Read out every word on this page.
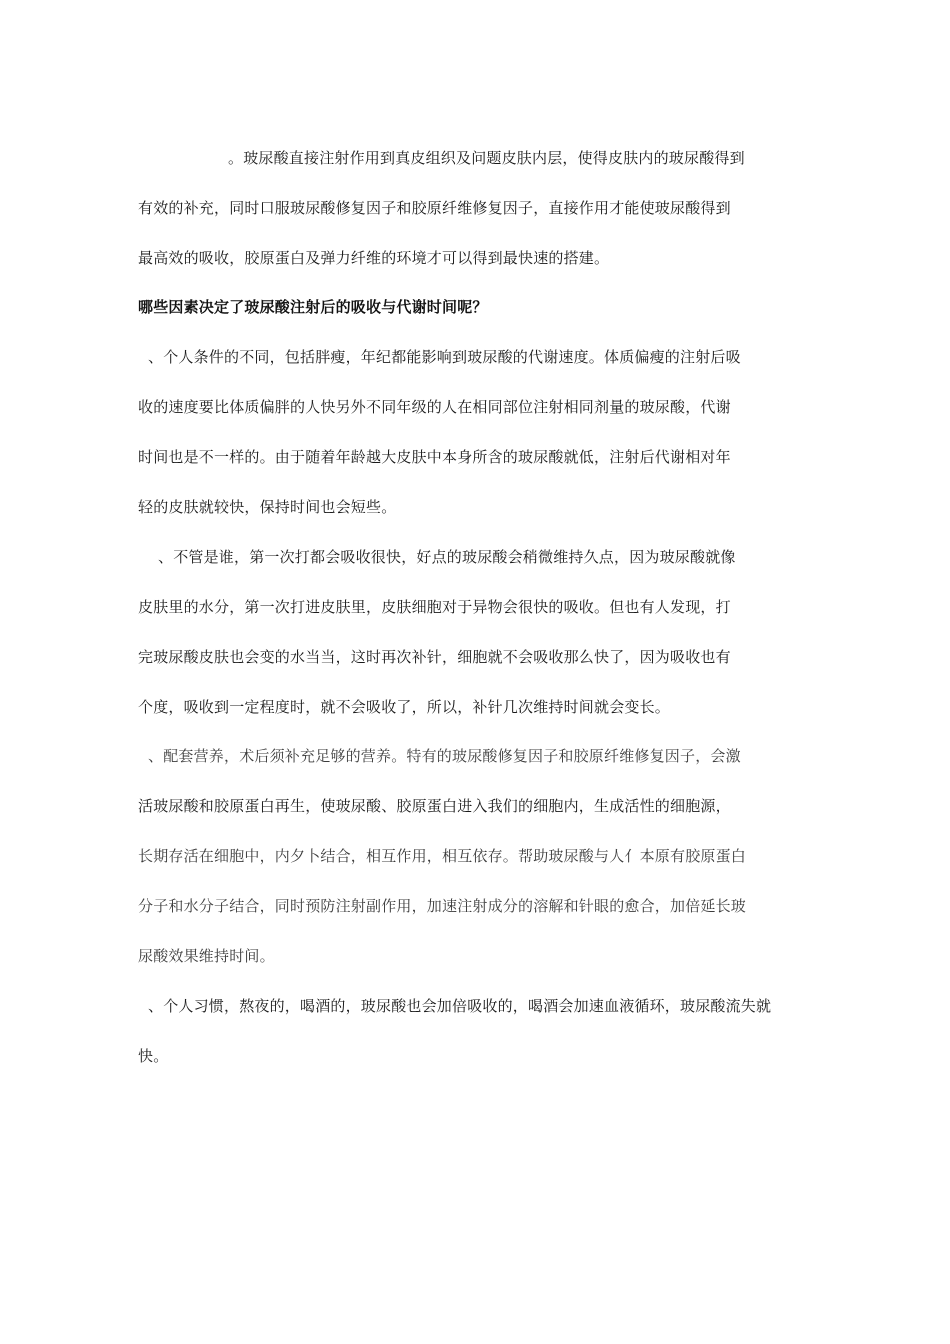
。玻尿酸直接注射作用到真皮组织及问题皮肤内层，使得皮肤内的玻尿酸得到
有效的补充，同时口服玻尿酸修复因子和胶原纤维修复因子，直接作用才能使玻尿酸得到
最高效的吸收，胶原蛋白及弹力纤维的环境才可以得到最快速的搭建。
哪些因素决定了玻尿酸注射后的吸收与代谢时间呢？
、个人条件的不同，包括胖瘦，年纪都能影响到玻尿酸的代谢速度。体质偏瘦的注射后吸
收的速度要比体质偏胖的人快另外不同年级的人在相同部位注射相同剂量的玻尿酸，代谢
时间也是不一样的。由于随着年龄越大皮肤中本身所含的玻尿酸就低，注射后代谢相对年
轻的皮肤就较快，保持时间也会短些。
、不管是谁，第一次打都会吸收很快，好点的玻尿酸会稍微维持久点，因为玻尿酸就像
皮肤里的水分，第一次打进皮肤里，皮肤细胞对于异物会很快的吸收。但也有人发现，打
完玻尿酸皮肤也会变的水当当，这时再次补针，细胞就不会吸收那么快了，因为吸收也有
个度，吸收到一定程度时，就不会吸收了，所以，补针几次维持时间就会变长。
、配套营养，术后须补充足够的营养。特有的玻尿酸修复因子和胶原纤维修复因子，会激
活玻尿酸和胶原蛋白再生，使玻尿酸、胶原蛋白进入我们的细胞内，生成活性的细胞源，
长期存活在细胞中，内夕卜结合，相互作用，相互依存。帮助玻尿酸与人亻本原有胶原蛋白
分子和水分子结合，同时预防注射副作用，加速注射成分的溶解和针眼的愈合，加倍延长玻
尿酸效果维持时间。
、个人习惯，熬夜的，喝酒的，玻尿酸也会加倍吸收的，喝酒会加速血液循环，玻尿酸流失就
快。
